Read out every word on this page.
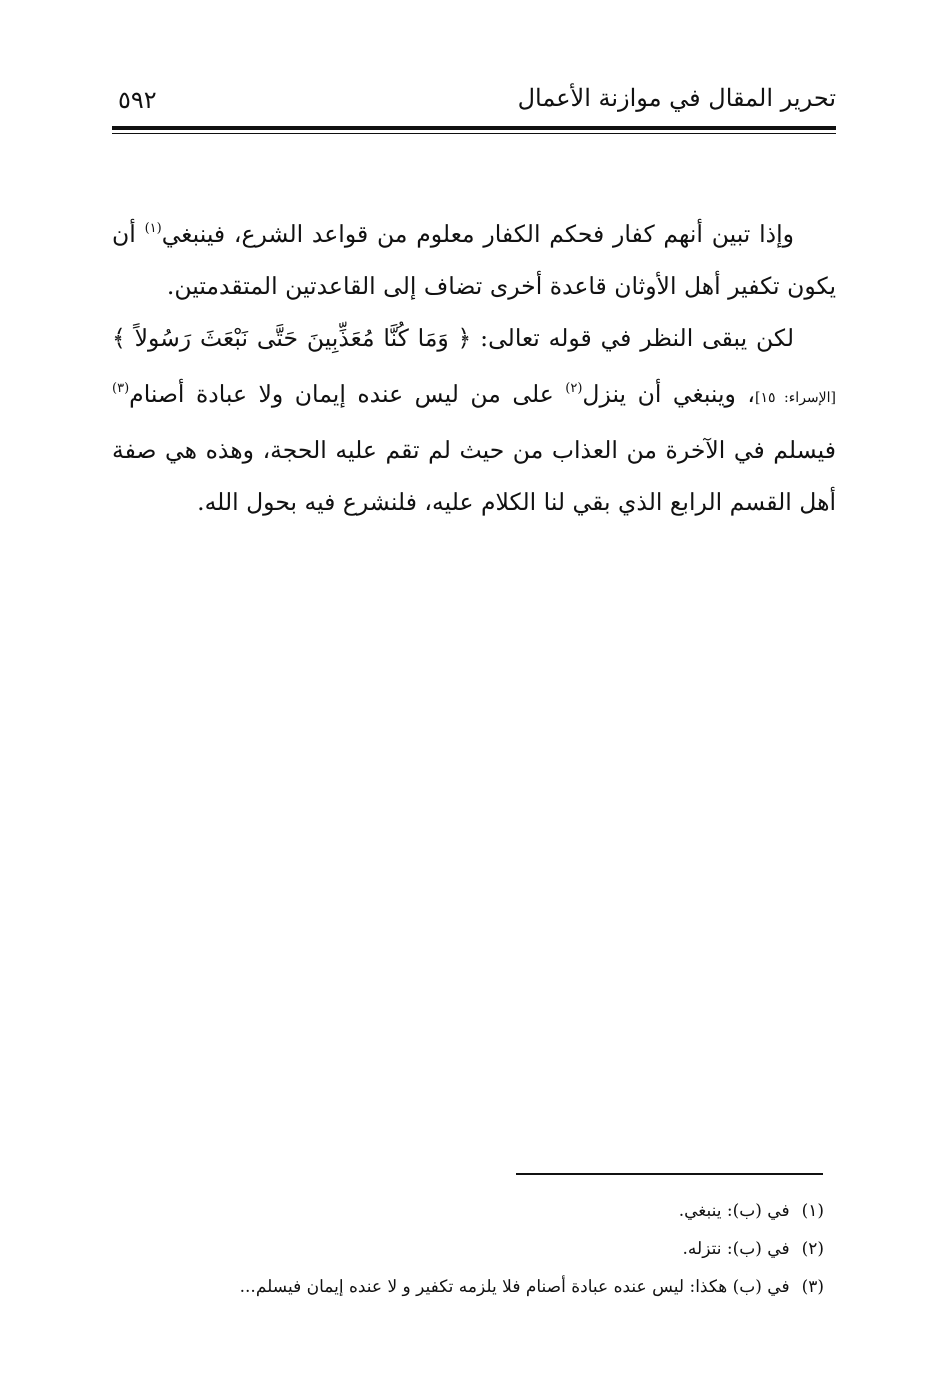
٥٩٢	تحرير المقال في موازنة الأعمال

وإذا تبين أنهم كفار فحكم الكفار معلوم من قواعد الشرع، فينبغي$^{(١)}$ أن يكون تكفير أهل الأوثان قاعدة أخرى تضاف إلى القاعدتين المتقدمتين.

لكن يبقى النظر في قوله تعالى: ﴿ وَمَا كُنَّا مُعَذِّبِينَ حَتَّى نَبْعَثَ رَسُولاً ﴾ [الإسراء: ١٥]، وينبغي أن ينزل$^{(٢)}$ على من ليس عنده إيمان ولا عبادة أصنام$^{(٣)}$ فيسلم في الآخرة من العذاب من حيث لم تقم عليه الحجة، وهذه هي صفة أهل القسم الرابع الذي بقي لنا الكلام عليه، فلنشرع فيه بحول الله.

(١)في (ب): ينبغي.

(٢)في (ب): نتزله.

(٣)في (ب) هكذا: ليس عنده عبادة أصنام فلا يلزمه تكفير و لا عنده إيمان فيسلم...
